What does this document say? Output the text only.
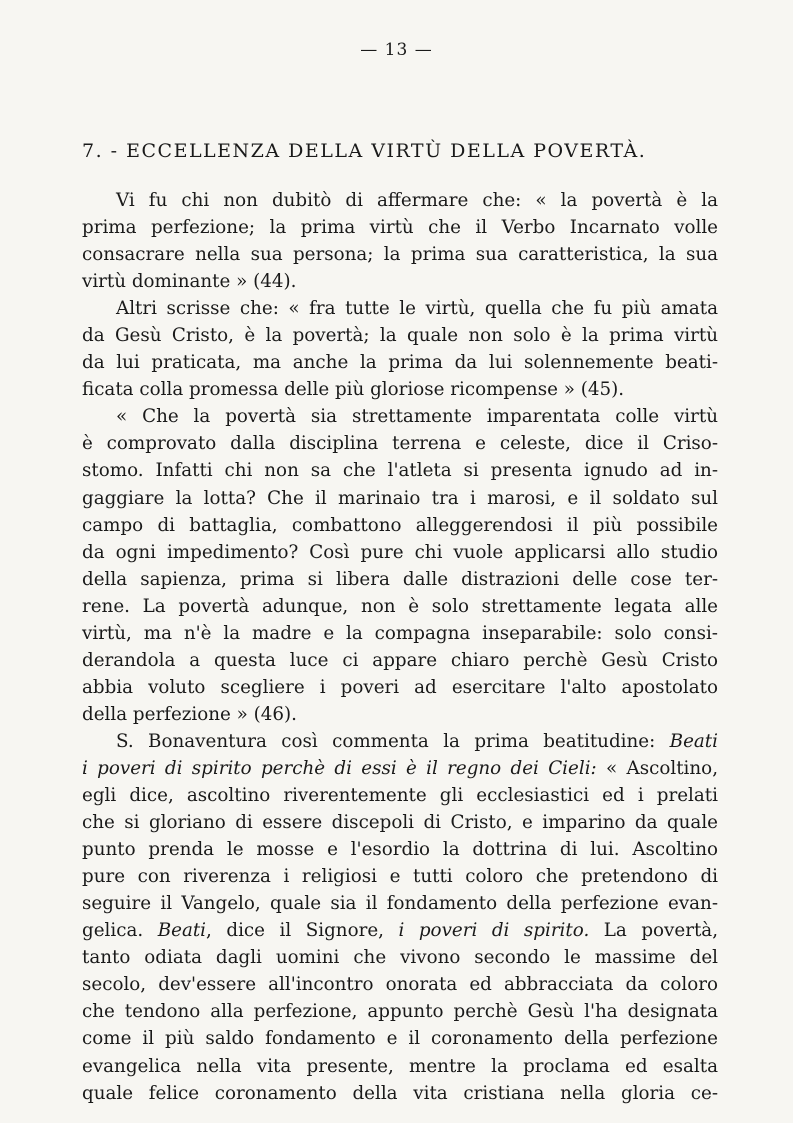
— 13 —
7. - ECCELLENZA DELLA VIRTÙ DELLA POVERTÀ.
Vi fu chi non dubitò di affermare che: « la povertà è la
prima perfezione; la prima virtù che il Verbo Incarnato volle
consacrare nella sua persona; la prima sua caratteristica, la sua
virtù dominante » (44).
Altri scrisse che: « fra tutte le virtù, quella che fu più amata
da Gesù Cristo, è la povertà; la quale non solo è la prima virtù
da lui praticata, ma anche la prima da lui solennemente beati-
ficata colla promessa delle più gloriose ricompense » (45).
« Che la povertà sia strettamente imparentata colle virtù
è comprovato dalla disciplina terrena e celeste, dice il Criso-
stomo. Infatti chi non sa che l'atleta si presenta ignudo ad in-
gaggiare la lotta? Che il marinaio tra i marosi, e il soldato sul
campo di battaglia, combattono alleggerendosi il più possibile
da ogni impedimento? Così pure chi vuole applicarsi allo studio
della sapienza, prima si libera dalle distrazioni delle cose ter-
rene. La povertà adunque, non è solo strettamente legata alle
virtù, ma n'è la madre e la compagna inseparabile: solo consi-
derandola a questa luce ci appare chiaro perchè Gesù Cristo
abbia voluto scegliere i poveri ad esercitare l'alto apostolato
della perfezione » (46).
S. Bonaventura così commenta la prima beatitudine: Beati
i poveri di spirito perchè di essi è il regno dei Cieli: « Ascoltino,
egli dice, ascoltino riverentemente gli ecclesiastici ed i prelati
che si gloriano di essere discepoli di Cristo, e imparino da quale
punto prenda le mosse e l'esordio la dottrina di lui. Ascoltino
pure con riverenza i religiosi e tutti coloro che pretendono di
seguire il Vangelo, quale sia il fondamento della perfezione evan-
gelica. Beati, dice il Signore, i poveri di spirito. La povertà,
tanto odiata dagli uomini che vivono secondo le massime del
secolo, dev'essere all'incontro onorata ed abbracciata da coloro
che tendono alla perfezione, appunto perchè Gesù l'ha designata
come il più saldo fondamento e il coronamento della perfezione
evangelica nella vita presente, mentre la proclama ed esalta
quale felice coronamento della vita cristiana nella gloria ce-
